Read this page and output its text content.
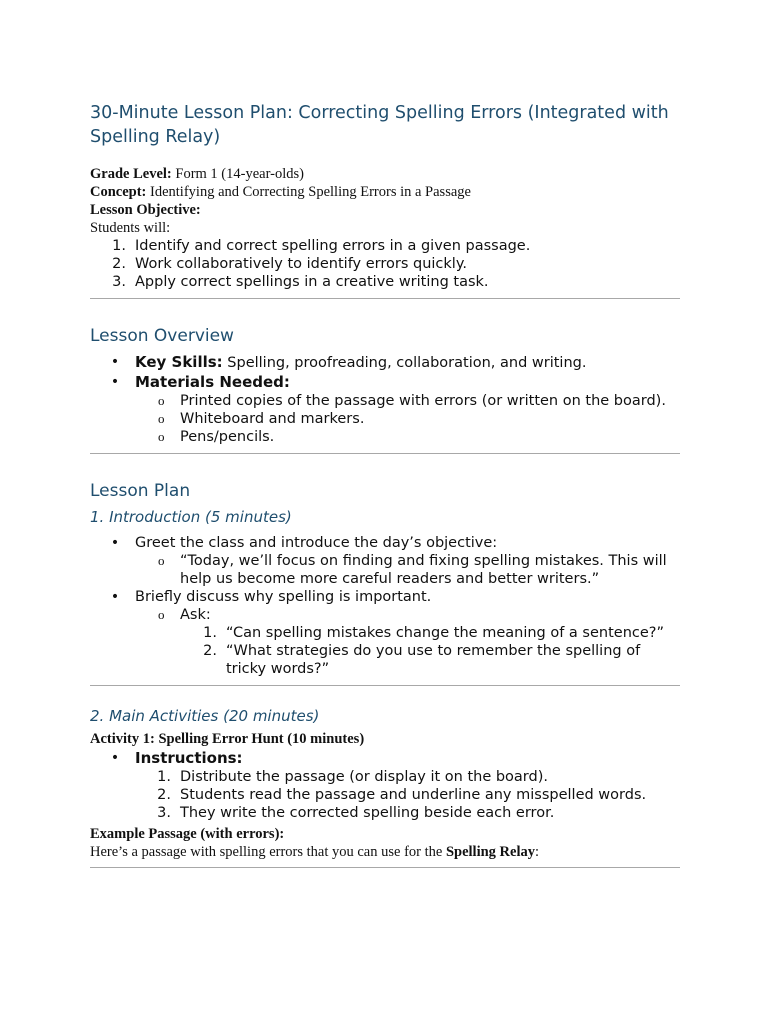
30-Minute Lesson Plan: Correcting Spelling Errors (Integrated with Spelling Relay)
Grade Level: Form 1 (14-year-olds)
Concept: Identifying and Correcting Spelling Errors in a Passage
Lesson Objective:
Students will:
1. Identify and correct spelling errors in a given passage.
2. Work collaboratively to identify errors quickly.
3. Apply correct spellings in a creative writing task.
Lesson Overview
• Key Skills: Spelling, proofreading, collaboration, and writing.
• Materials Needed:
o Printed copies of the passage with errors (or written on the board).
o Whiteboard and markers.
o Pens/pencils.
Lesson Plan
1. Introduction (5 minutes)
• Greet the class and introduce the day’s objective:
o “Today, we’ll focus on finding and fixing spelling mistakes. This will help us become more careful readers and better writers.”
• Briefly discuss why spelling is important.
o Ask:
1. “Can spelling mistakes change the meaning of a sentence?”
2. “What strategies do you use to remember the spelling of tricky words?”
2. Main Activities (20 minutes)
Activity 1: Spelling Error Hunt (10 minutes)
• Instructions:
1. Distribute the passage (or display it on the board).
2. Students read the passage and underline any misspelled words.
3. They write the corrected spelling beside each error.
Example Passage (with errors):
Here’s a passage with spelling errors that you can use for the Spelling Relay:
